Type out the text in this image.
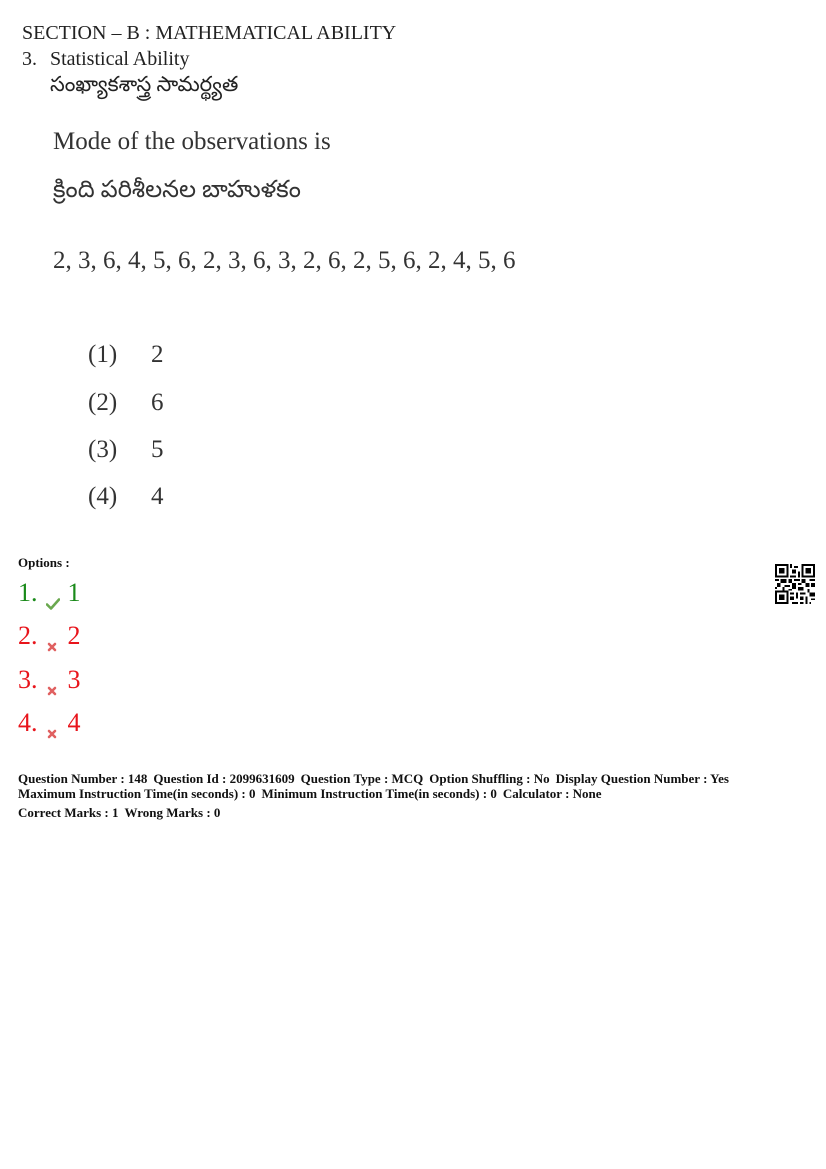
SECTION – B : MATHEMATICAL ABILITY
3. Statistical Ability
సంఖ్యాకశాస్త్ర సామర్థ్యత
Mode of the observations is
క్రింది పరిశీలనల బాహుళకం
2, 3, 6, 4, 5, 6, 2, 3, 6, 3, 2, 6, 2, 5, 6, 2, 4, 5, 6
(1) 2
(2) 6
(3) 5
(4) 4
Options :
1. 1
2. 2
3. 3
4. 4
Question Number : 148 Question Id : 2099631609 Question Type : MCQ Option Shuffling : No Display Question Number : Yes
Maximum Instruction Time(in seconds) : 0 Minimum Instruction Time(in seconds) : 0 Calculator : None
Correct Marks : 1 Wrong Marks : 0
